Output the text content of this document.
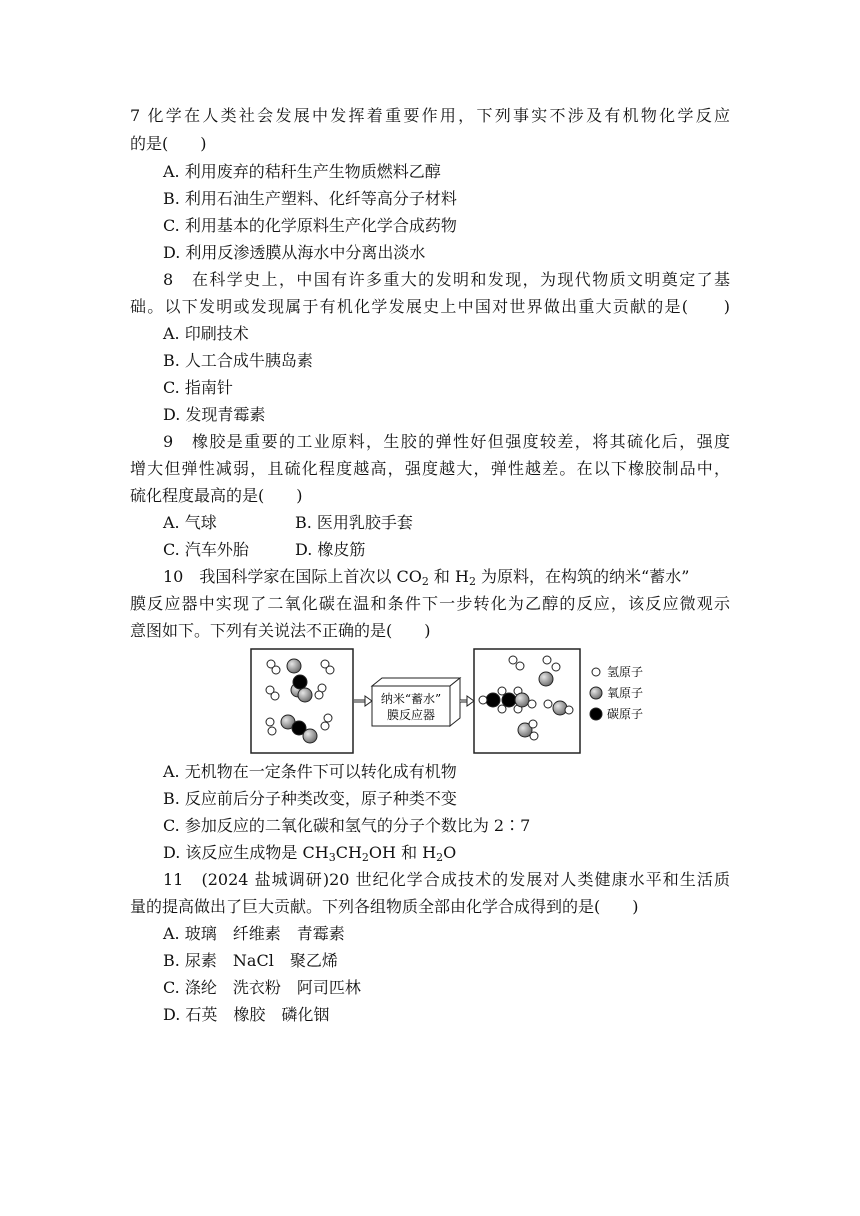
7 化学在人类社会发展中发挥着重要作用，下列事实不涉及有机物化学反应
的是(　　)
A. 利用废弃的秸秆生产生物质燃料乙醇
B. 利用石油生产塑料、化纤等高分子材料
C. 利用基本的化学原料生产化学合成药物
D. 利用反渗透膜从海水中分离出淡水
8　在科学史上，中国有许多重大的发明和发现，为现代物质文明奠定了基
础。以下发明或发现属于有机化学发展史上中国对世界做出重大贡献的是(　　)
A. 印刷技术
B. 人工合成牛胰岛素
C. 指南针
D. 发现青霉素
9　橡胶是重要的工业原料，生胶的弹性好但强度较差，将其硫化后，强度
增大但弹性减弱，且硫化程度越高，强度越大，弹性越差。在以下橡胶制品中，
硫化程度最高的是(　　)
A. 气球	B. 医用乳胶手套
C. 汽车外胎	D. 橡皮筋
10　我国科学家在国际上首次以 $CO_2$ 和 $H_2$ 为原料，在构筑的纳米“蓄水”
膜反应器中实现了二氧化碳在温和条件下一步转化为乙醇的反应，该反应微观示
意图如下。下列有关说法不正确的是(　　)
纳米“蓄水”
膜反应器
氢原子
氧原子
碳原子
A. 无机物在一定条件下可以转化成有机物
B. 反应前后分子种类改变，原子种类不变
C. 参加反应的二氧化碳和氢气的分子个数比为 2∶7
D. 该反应生成物是 $CH_3CH_2OH$ 和 $H_2O$
11　(2024 盐城调研)20 世纪化学合成技术的发展对人类健康水平和生活质
量的提高做出了巨大贡献。下列各组物质全部由化学合成得到的是(　　)
A. 玻璃　纤维素　青霉素
B. 尿素　NaCl　聚乙烯
C. 涤纶　洗衣粉　阿司匹林
D. 石英　橡胶　磷化铟
